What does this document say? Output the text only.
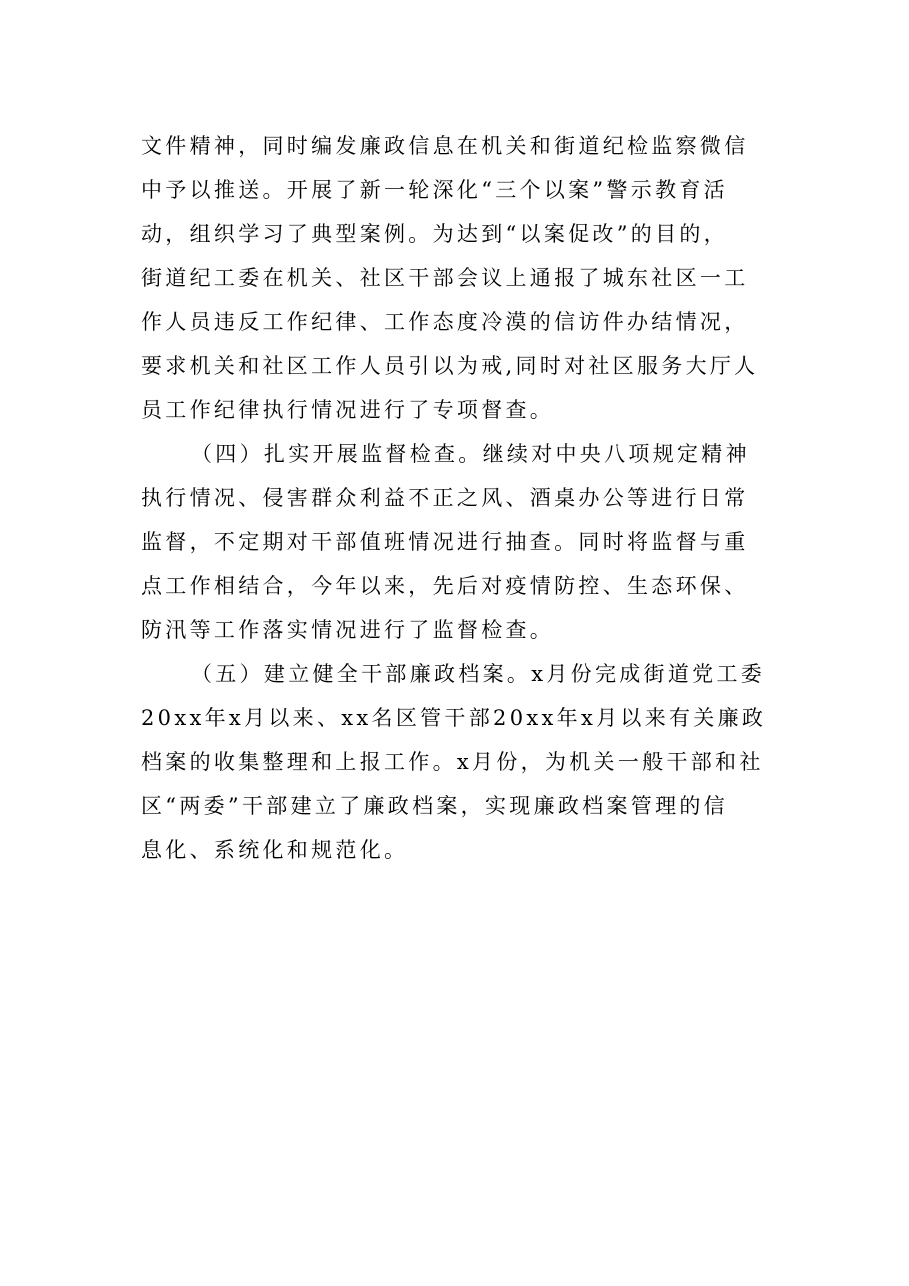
文件精神，同时编发廉政信息在机关和街道纪检监察微信
中予以推送。开展了新一轮深化“三个以案”警示教育活
动，组织学习了典型案例。为达到“以案促改”的目的，
街道纪工委在机关、社区干部会议上通报了城东社区一工
作人员违反工作纪律、工作态度冷漠的信访件办结情况，
要求机关和社区工作人员引以为戒,同时对社区服务大厅人
员工作纪律执行情况进行了专项督查。
（四）扎实开展监督检查。继续对中央八项规定精神
执行情况、侵害群众利益不正之风、酒桌办公等进行日常
监督，不定期对干部值班情况进行抽查。同时将监督与重
点工作相结合，今年以来，先后对疫情防控、生态环保、
防汛等工作落实情况进行了监督检查。
（五）建立健全干部廉政档案。x月份完成街道党工委
20xx年x月以来、xx名区管干部20xx年x月以来有关廉政
档案的收集整理和上报工作。x月份，为机关一般干部和社
区“两委”干部建立了廉政档案，实现廉政档案管理的信
息化、系统化和规范化。
